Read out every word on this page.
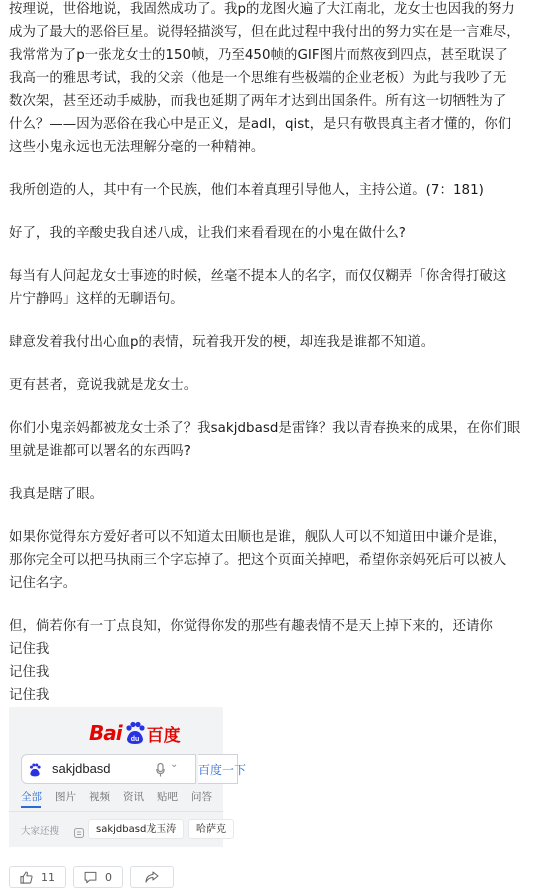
按理说，世俗地说，我固然成功了。我p的龙图火遍了大江南北，龙女士也因我的努力
成为了最大的恶俗巨星。说得轻描淡写，但在此过程中我付出的努力实在是一言难尽，
我常常为了p一张龙女士的150帧，乃至450帧的GIF图片而熬夜到四点，甚至耽误了
我高一的雅思考试，我的父亲（他是一个思维有些极端的企业老板）为此与我吵了无
数次架，甚至还动手威胁，而我也延期了两年才达到出国条件。所有这一切牺牲为了
什么？——因为恶俗在我心中是正义，是adl，qist，是只有敬畏真主者才懂的，你们
这些小鬼永远也无法理解分毫的一种精神。

我所创造的人，其中有一个民族，他们本着真理引导他人，主持公道。(7：181)

好了，我的辛酸史我自述八成，让我们来看看现在的小鬼在做什么?

每当有人问起龙女士事迹的时候，丝毫不提本人的名字，而仅仅糊弄「你舍得打破这
片宁静吗」这样的无聊语句。

肆意发着我付出心血p的表情，玩着我开发的梗，却连我是谁都不知道。

更有甚者，竟说我就是龙女士。

你们小鬼亲妈都被龙女士杀了？我sakjdbasd是雷锋？我以青春换来的成果，在你们眼
里就是谁都可以署名的东西吗?

我真是瞎了眼。

如果你觉得东方爱好者可以不知道太田顺也是谁，舰队人可以不知道田中谦介是谁，
那你完全可以把马执雨三个字忘掉了。把这个页面关掉吧，希望你亲妈死后可以被人
记住名字。

但，倘若你有一丁点良知，你觉得你发的那些有趣表情不是天上掉下来的，还请你
记住我
记住我
记住我

Bai du 百度
sakjdbasd	⌄ 百度一下
全部 图片 视频 资讯 贴吧 问答
大家还搜	sakjdbasd龙玉涛	哈萨克
11	0
